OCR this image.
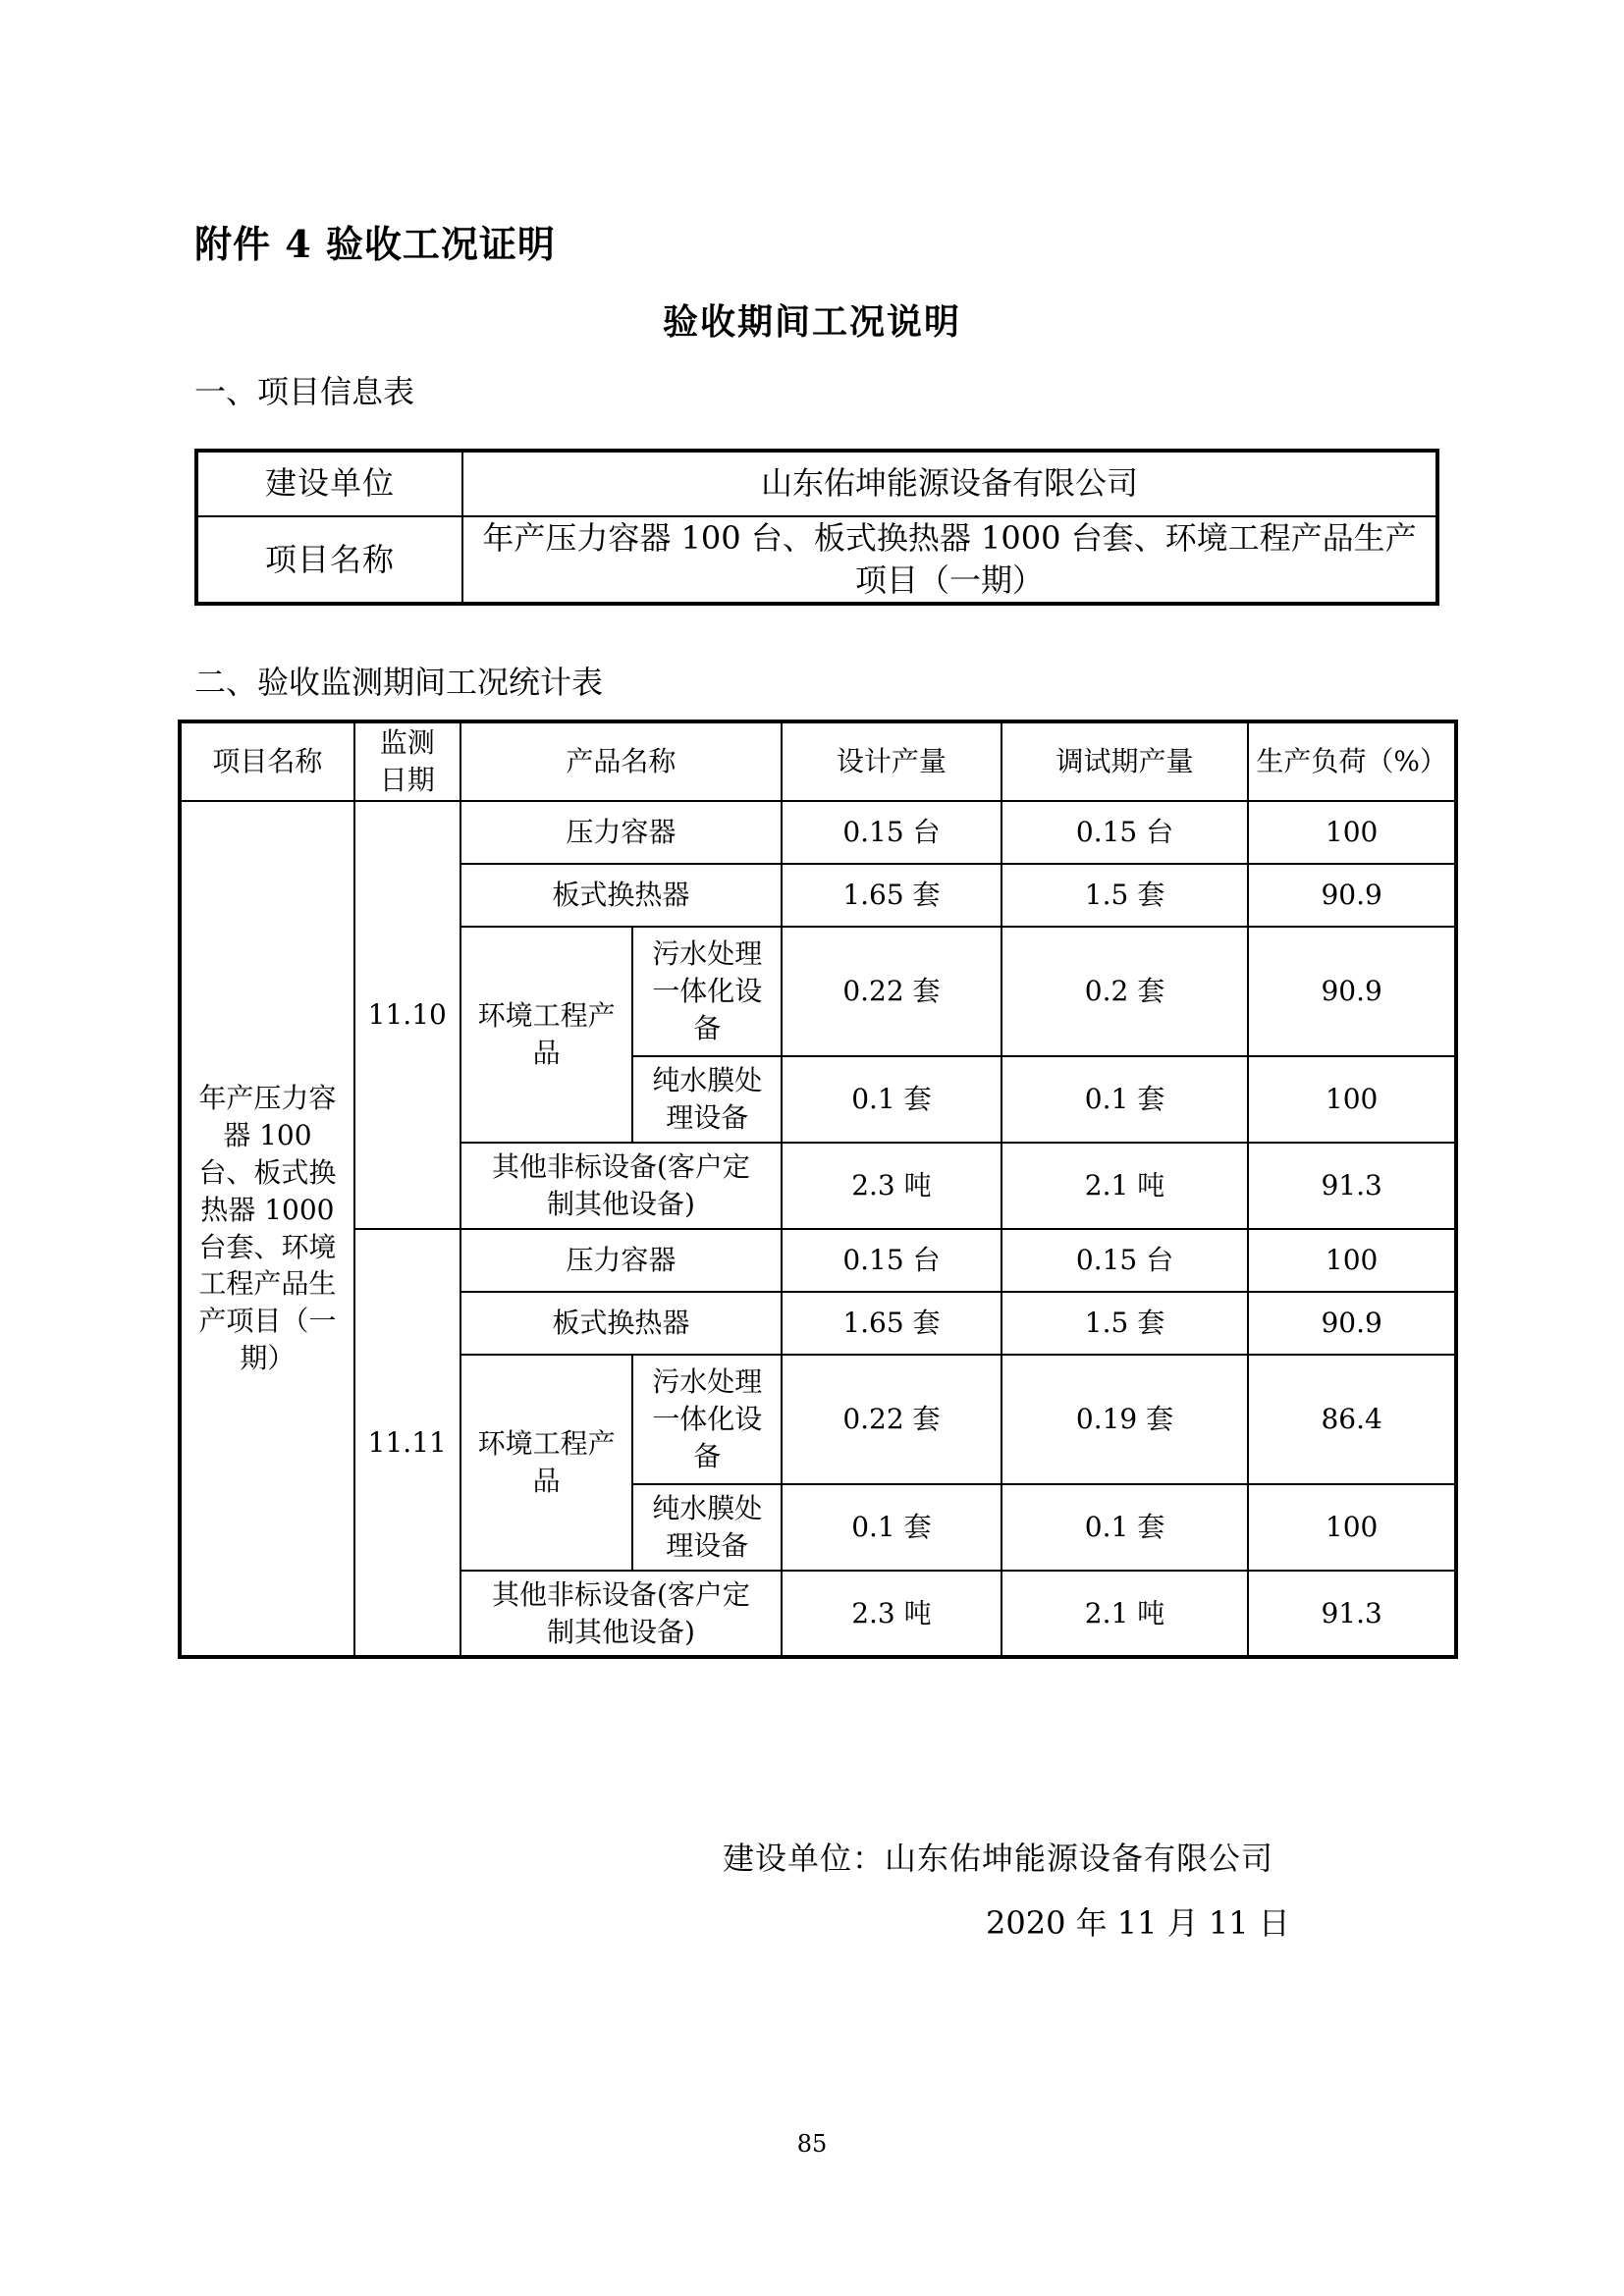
附件 4 验收工况证明
验收期间工况说明
一、项目信息表
建设单位	山东佑坤能源设备有限公司
项目名称	年产压力容器 100 台、板式换热器 1000 台套、环境工程产品生产项目（一期）
二、验收监测期间工况统计表
项目名称	监测日期	产品名称		设计产量	调试期产量	生产负荷（%）
年产压力容器 100 台、板式换热器 1000 台套、环境工程产品生产项目（一期）	11.10	压力容器		0.15 台	0.15 台	100
		板式换热器		1.65 套	1.5 套	90.9
		环境工程产品	污水处理一体化设备	0.22 套	0.2 套	90.9
			纯水膜处理设备	0.1 套	0.1 套	100
		其他非标设备(客户定制其他设备)		2.3 吨	2.1 吨	91.3
	11.11	压力容器		0.15 台	0.15 台	100
		板式换热器		1.65 套	1.5 套	90.9
		环境工程产品	污水处理一体化设备	0.22 套	0.19 套	86.4
			纯水膜处理设备	0.1 套	0.1 套	100
		其他非标设备(客户定制其他设备)		2.3 吨	2.1 吨	91.3
建设单位：山东佑坤能源设备有限公司
2020 年 11 月 11 日
85
